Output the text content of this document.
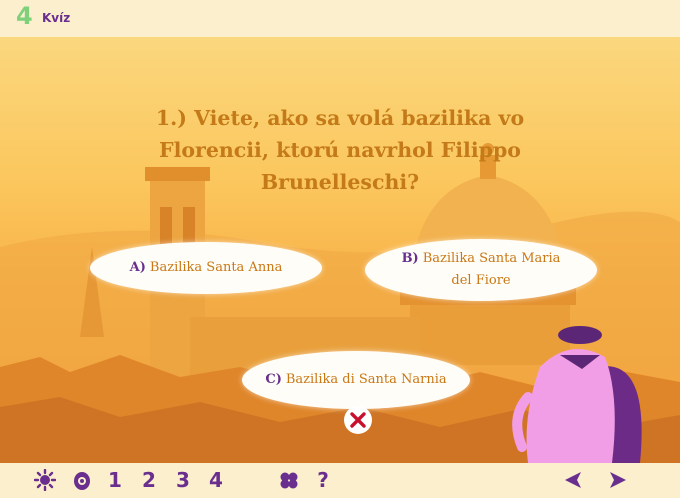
4 Kvíz
1.) Viete, ako sa volá bazilika vo Florencii, ktorú navrhol Filippo Brunelleschi?
A) Bazilika Santa Anna
B) Bazilika Santa Maria del Fiore
C) Bazilika di Santa Narnia
1 2 3 4	?
